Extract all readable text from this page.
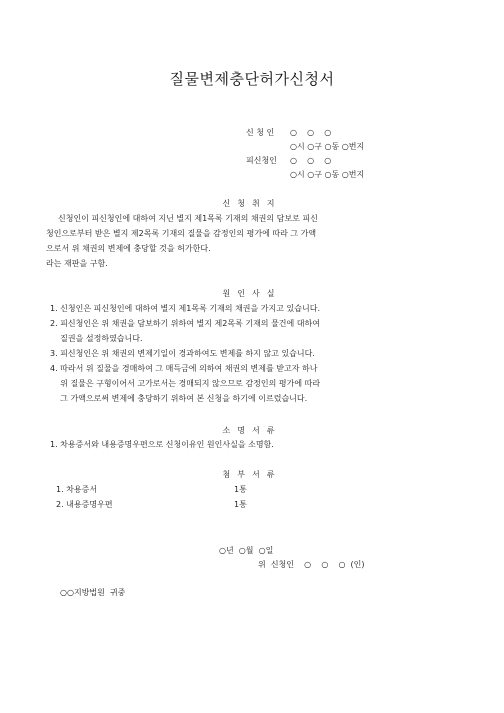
질물변제충단허가신청서
신 청 인 ○    ○    ○
○시 ○구 ○동 ○번지
피신청인 ○    ○    ○
○시 ○구 ○동 ○번지
신청취지
신청인이 피신청인에 대하여 지닌 별지 제1목록 기재의 채권의 담보로 피신
청인으로부터 받은 별지 제2목록 기재의 질물을 감정인의 평가에 따라 그 가액
으로서 위 채권의 변제에 충당할 것을 허가한다.
라는 재판을 구함.
원인사실
1. 신청인은 피신청인에 대하여 별지 제1목록 기재의 채권을 가지고 있습니다.
2. 피신청인은 위 채권을 담보하기 위하여 별지 제2목록 기재의 물건에 대하여
질권을 설정하였습니다.
3. 피신청인은 위 채권의 변제기일이 경과하여도 변제를 하지 않고 있습니다.
4. 따라서 위 질물을 경매하여 그 매득금에 의하여 채권의 변제를 받고자 하나
위 질물은 구형이어서 고가로서는 경매되지 않으므로 감정인의 평가에 따라
그 가액으로써 변제에 충당하기 위하여 본 신청을 하기에 이르렀습니다.
소명서류
1. 차용증서와 내용증명우편으로 신청이유인 원인사실을 소명함.
첨부서류
1. 차용증서	1통
2. 내용증명우편	1통
○년  ○월  ○일
위  신청인    ○    ○    ○  (인)
○○지방법원  귀중
